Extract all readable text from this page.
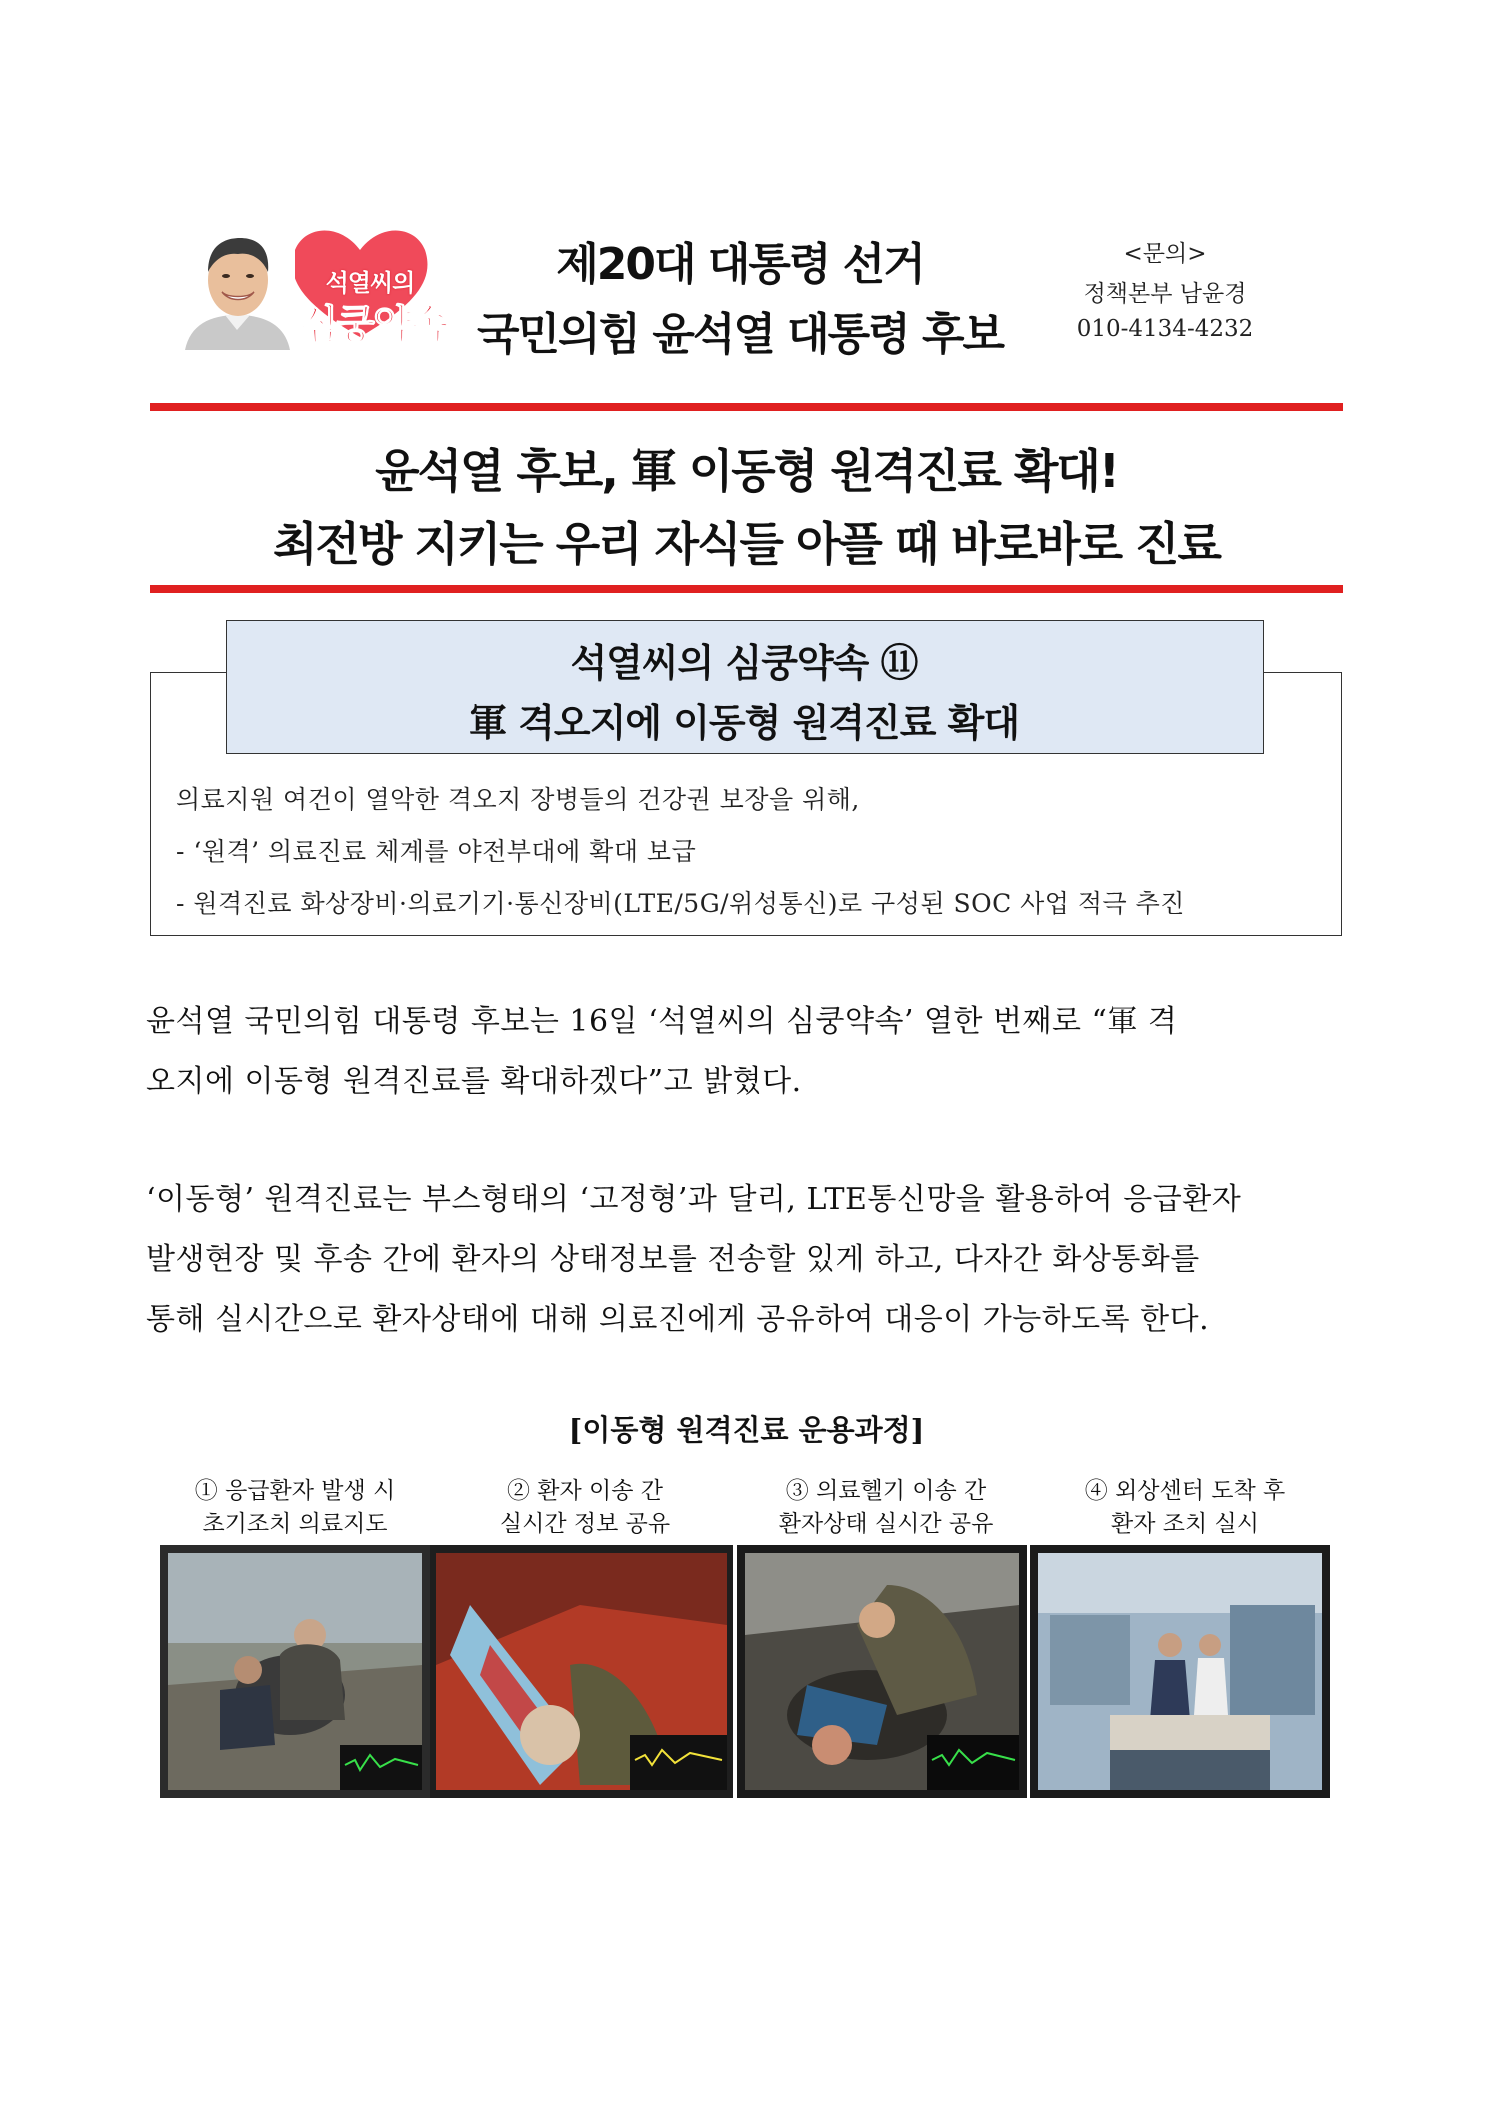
석열씨의
심쿵약속
제20대 대통령 선거
국민의힘 윤석열 대통령 후보
<문의>
정책본부 남윤경
010-4134-4232
윤석열 후보, 軍 이동형 원격진료 확대!
최전방 지키는 우리 자식들 아플 때 바로바로 진료
석열씨의 심쿵약속 ⑪
軍 격오지에 이동형 원격진료 확대
의료지원 여건이 열악한 격오지 장병들의 건강권 보장을 위해,
- ‘원격’ 의료진료 체계를 야전부대에 확대 보급
- 원격진료 화상장비·의료기기·통신장비(LTE/5G/위성통신)로 구성된 SOC 사업 적극 추진
윤석열 국민의힘 대통령 후보는 16일 ‘석열씨의 심쿵약속’ 열한 번째로 “軍 격
오지에 이동형 원격진료를 확대하겠다”고 밝혔다.
‘이동형’ 원격진료는 부스형태의 ‘고정형’과 달리, LTE통신망을 활용하여 응급환자
발생현장 및 후송 간에 환자의 상태정보를 전송할 있게 하고, 다자간 화상통화를
통해 실시간으로 환자상태에 대해 의료진에게 공유하여 대응이 가능하도록 한다.
[이동형 원격진료 운용과정]
① 응급환자 발생 시
초기조치 의료지도
② 환자 이송 간
실시간 정보 공유
③ 의료헬기 이송 간
환자상태 실시간 공유
④ 외상센터 도착 후
환자 조치 실시
